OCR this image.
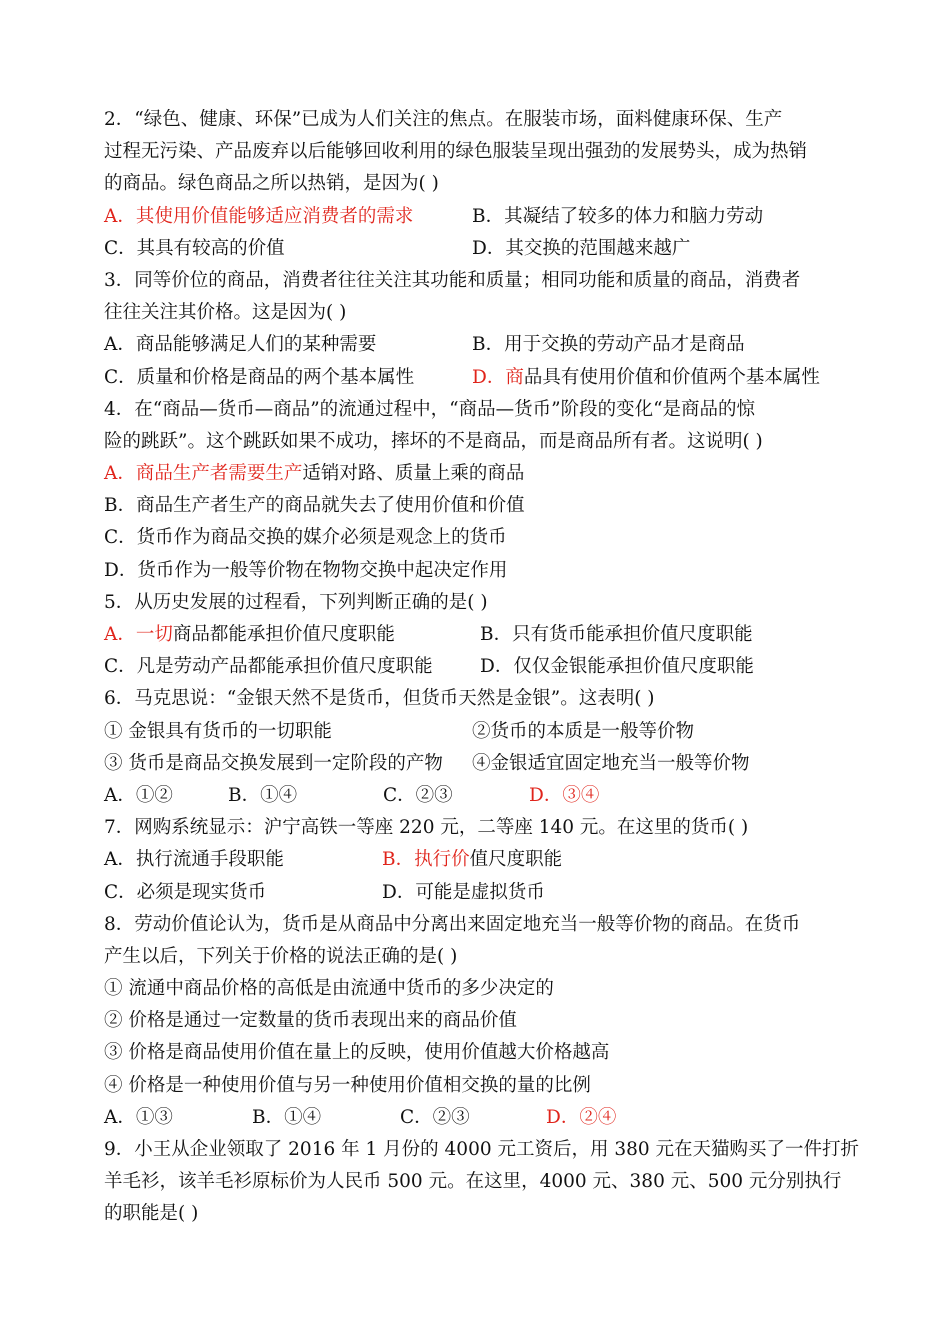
2．“绿色、健康、环保”已成为人们关注的焦点。在服装市场，面料健康环保、生产
过程无污染、产品废弃以后能够回收利用的绿色服装呈现出强劲的发展势头，成为热销
的商品。绿色商品之所以热销，是因为( )
A．其使用价值能够适应消费者的需求	B．其凝结了较多的体力和脑力劳动
C．其具有较高的价值	D．其交换的范围越来越广
3．同等价位的商品，消费者往往关注其功能和质量；相同功能和质量的商品，消费者
往往关注其价格。这是因为( )
A．商品能够满足人们的某种需要	B．用于交换的劳动产品才是商品
C．质量和价格是商品的两个基本属性	D．商品具有使用价值和价值两个基本属性
4．在“商品—货币—商品”的流通过程中，“商品—货币”阶段的变化“是商品的惊
险的跳跃”。这个跳跃如果不成功，摔坏的不是商品，而是商品所有者。这说明( )
A．商品生产者需要生产适销对路、质量上乘的商品
B．商品生产者生产的商品就失去了使用价值和价值
C．货币作为商品交换的媒介必须是观念上的货币
D．货币作为一般等价物在物物交换中起决定作用
5．从历史发展的过程看，下列判断正确的是( )
A．一切商品都能承担价值尺度职能	B．只有货币能承担价值尺度职能
C．凡是劳动产品都能承担价值尺度职能	D．仅仅金银能承担价值尺度职能
6．马克思说：“金银天然不是货币，但货币天然是金银”。这表明( )
① 金银具有货币的一切职能	②货币的本质是一般等价物
③ 货币是商品交换发展到一定阶段的产物	④金银适宜固定地充当一般等价物
A．①②	B．①④	C．②③	D．③④
7．网购系统显示：沪宁高铁一等座 220 元，二等座 140 元。在这里的货币( )
A．执行流通手段职能	B．执行价值尺度职能
C．必须是现实货币	D．可能是虚拟货币
8．劳动价值论认为，货币是从商品中分离出来固定地充当一般等价物的商品。在货币
产生以后，下列关于价格的说法正确的是( )
① 流通中商品价格的高低是由流通中货币的多少决定的
② 价格是通过一定数量的货币表现出来的商品价值
③ 价格是商品使用价值在量上的反映，使用价值越大价格越高
④ 价格是一种使用价值与另一种使用价值相交换的量的比例
A．①③	B．①④	C．②③	D．②④
9．小王从企业领取了 2016 年 1 月份的 4000 元工资后，用 380 元在天猫购买了一件打折
羊毛衫，该羊毛衫原标价为人民币 500 元。在这里，4000 元、380 元、500 元分别执行
的职能是( )
